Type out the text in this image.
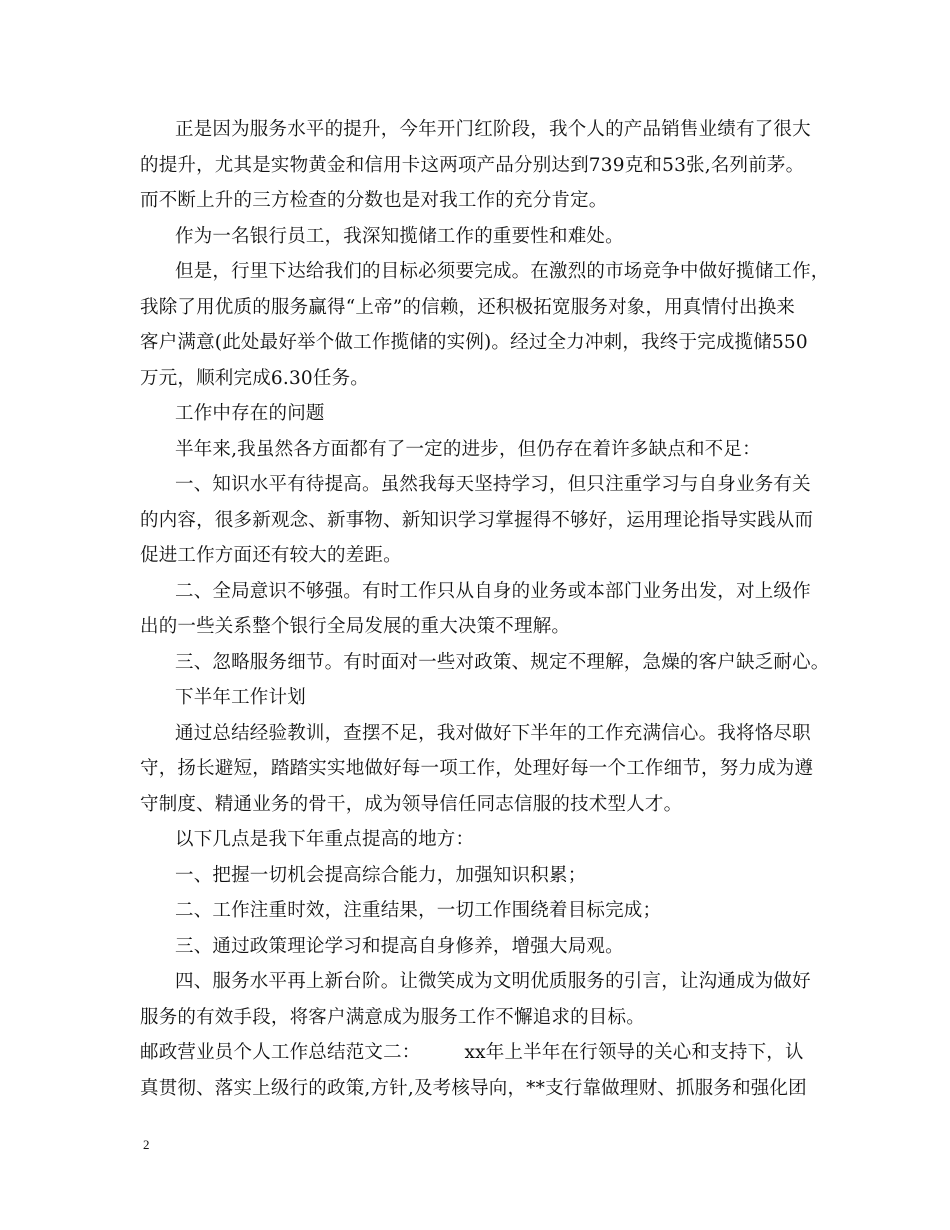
正是因为服务水平的提升，今年开门红阶段，我个人的产品销售业绩有了很大
的提升，尤其是实物黄金和信用卡这两项产品分别达到739克和53张,名列前茅。
而不断上升的三方检查的分数也是对我工作的充分肯定。
作为一名银行员工，我深知揽储工作的重要性和难处。
但是，行里下达给我们的目标必须要完成。在激烈的市场竞争中做好揽储工作，
我除了用优质的服务赢得“上帝”的信赖，还积极拓宽服务对象，用真情付出换来
客户满意(此处最好举个做工作揽储的实例)。经过全力冲刺，我终于完成揽储550
万元，顺利完成6.30任务。
工作中存在的问题
半年来,我虽然各方面都有了一定的进步，但仍存在着许多缺点和不足：
一、知识水平有待提高。虽然我每天坚持学习，但只注重学习与自身业务有关
的内容，很多新观念、新事物、新知识学习掌握得不够好，运用理论指导实践从而
促进工作方面还有较大的差距。
二、全局意识不够强。有时工作只从自身的业务或本部门业务出发，对上级作
出的一些关系整个银行全局发展的重大决策不理解。
三、忽略服务细节。有时面对一些对政策、规定不理解，急燥的客户缺乏耐心。
下半年工作计划
通过总结经验教训，查摆不足，我对做好下半年的工作充满信心。我将恪尽职
守，扬长避短，踏踏实实地做好每一项工作，处理好每一个工作细节，努力成为遵
守制度、精通业务的骨干，成为领导信任同志信服的技术型人才。
以下几点是我下年重点提高的地方：
一、把握一切机会提高综合能力，加强知识积累；
二、工作注重时效，注重结果，一切工作围绕着目标完成；
三、通过政策理论学习和提高自身修养，增强大局观。
四、服务水平再上新台阶。让微笑成为文明优质服务的引言，让沟通成为做好
服务的有效手段，将客户满意成为服务工作不懈追求的目标。
邮政营业员个人工作总结范文二： xx年上半年在行领导的关心和支持下，认
真贯彻、落实上级行的政策,方针,及考核导向，**支行靠做理财、抓服务和强化团
2
